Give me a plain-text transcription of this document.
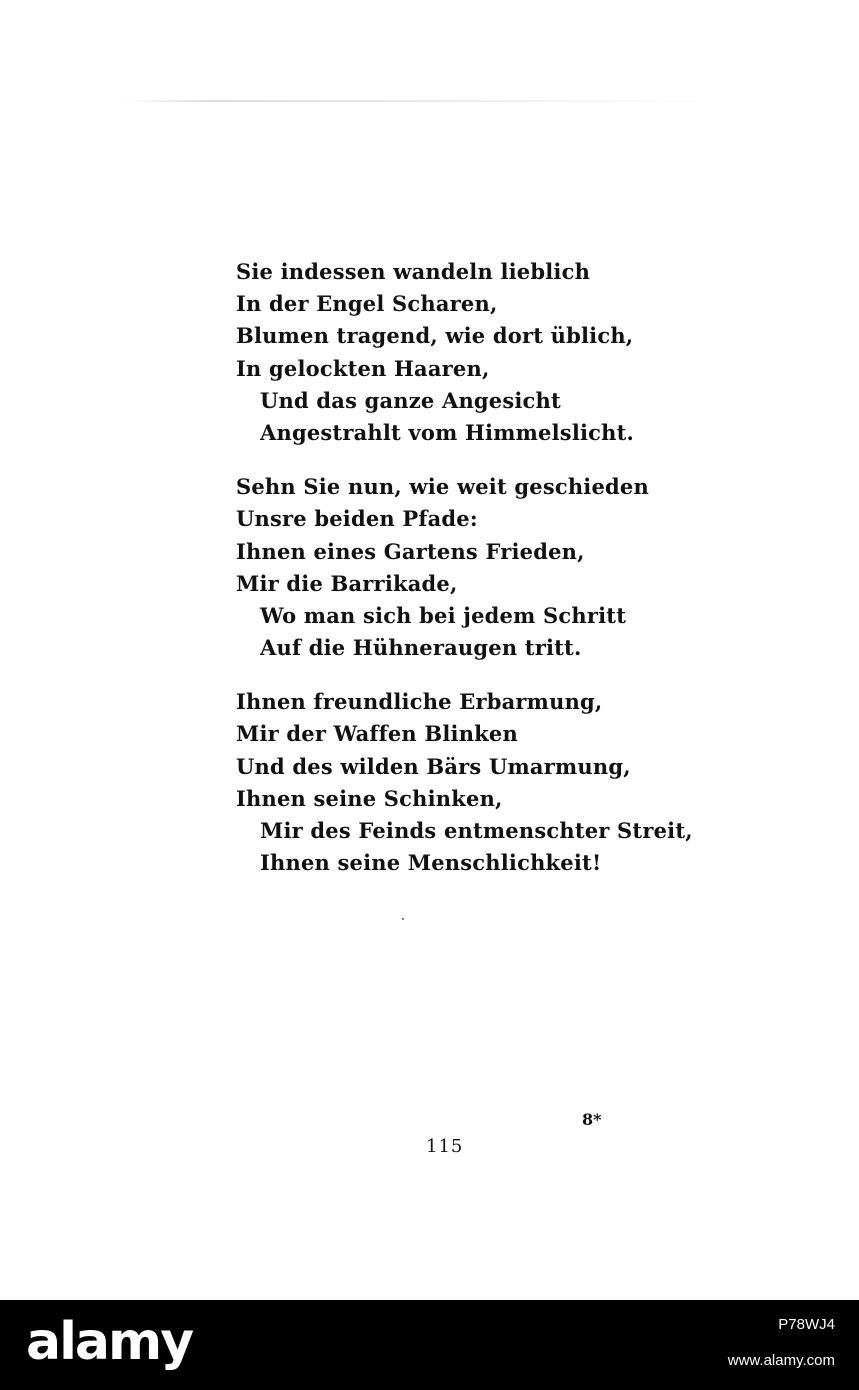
Sie indessen wandeln lieblich
In der Engel Scharen,
Blumen tragend, wie dort üblich,
In gelockten Haaren,
Und das ganze Angesicht
Angestrahlt vom Himmelslicht.
Sehn Sie nun, wie weit geschieden
Unsre beiden Pfade:
Ihnen eines Gartens Frieden,
Mir die Barrikade,
Wo man sich bei jedem Schritt
Auf die Hühneraugen tritt.
Ihnen freundliche Erbarmung,
Mir der Waffen Blinken
Und des wilden Bärs Umarmung,
Ihnen seine Schinken,
Mir des Feinds entmenschter Streit,
Ihnen seine Menschlichkeit!
8*
115
alamy	P78WJ4
www.alamy.com
